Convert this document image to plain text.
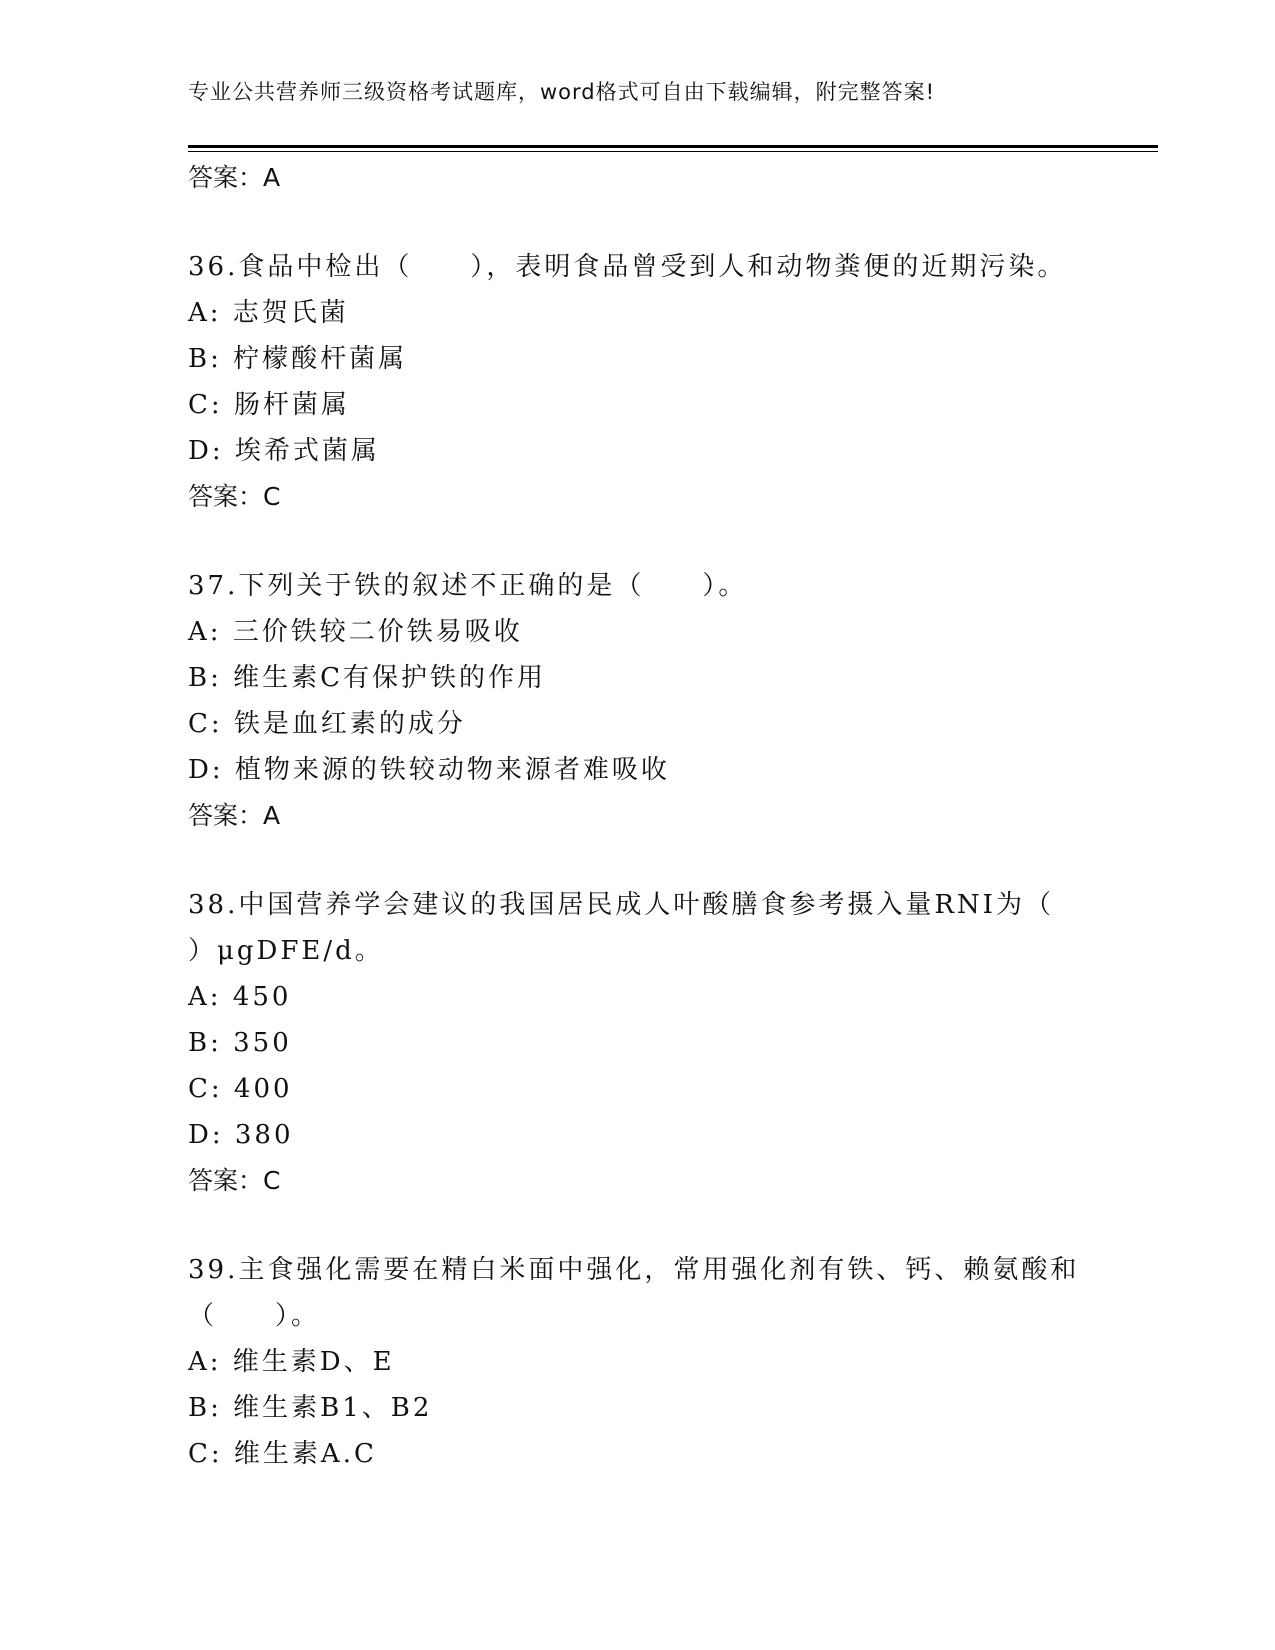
专业公共营养师三级资格考试题库，word格式可自由下载编辑，附完整答案!
答案：A
36.食品中检出（　　），表明食品曾受到人和动物粪便的近期污染。
A: 志贺氏菌
B: 柠檬酸杆菌属
C: 肠杆菌属
D: 埃希式菌属
答案：C
37.下列关于铁的叙述不正确的是（　　）。
A: 三价铁较二价铁易吸收
B: 维生素C有保护铁的作用
C: 铁是血红素的成分
D: 植物来源的铁较动物来源者难吸收
答案：A
38.中国营养学会建议的我国居民成人叶酸膳食参考摄入量RNI为（　　）μgDFE/d。
A: 450
B: 350
C: 400
D: 380
答案：C
39.主食强化需要在精白米面中强化，常用强化剂有铁、钙、赖氨酸和（　　）。
A: 维生素D、E
B: 维生素B1、B2
C: 维生素A.C
